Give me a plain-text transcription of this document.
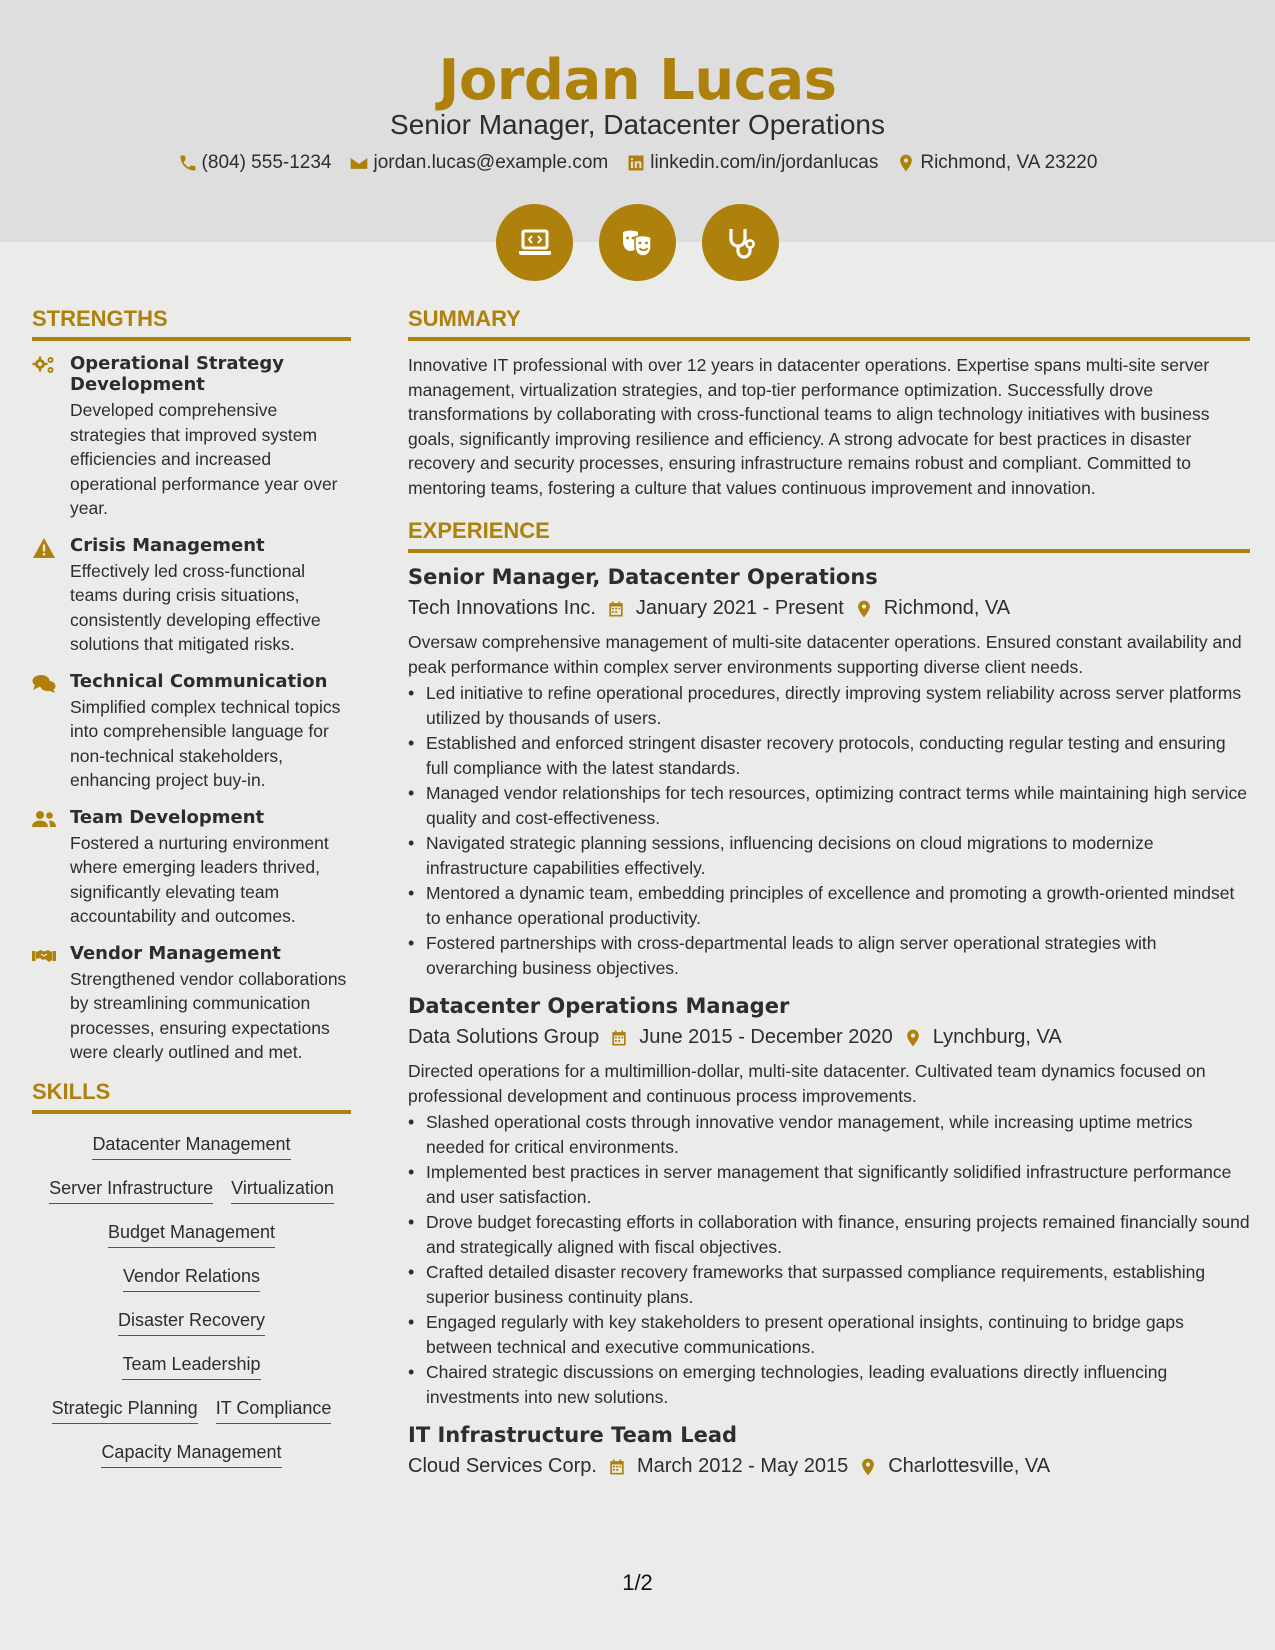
Jordan Lucas
Senior Manager, Datacenter Operations
(804) 555-1234 jordan.lucas@example.com linkedin.com/in/jordanlucas Richmond, VA 23220
STRENGTHS
Operational Strategy Development
Developed comprehensive strategies that improved system efficiencies and increased operational performance year over year.
Crisis Management
Effectively led cross-functional teams during crisis situations, consistently developing effective solutions that mitigated risks.
Technical Communication
Simplified complex technical topics into comprehensible language for non-technical stakeholders, enhancing project buy-in.
Team Development
Fostered a nurturing environment where emerging leaders thrived, significantly elevating team accountability and outcomes.
Vendor Management
Strengthened vendor collaborations by streamlining communication processes, ensuring expectations were clearly outlined and met.
SKILLS
Datacenter Management
Server Infrastructure Virtualization
Budget Management
Vendor Relations
Disaster Recovery
Team Leadership
Strategic Planning IT Compliance
Capacity Management
SUMMARY
Innovative IT professional with over 12 years in datacenter operations. Expertise spans multi-site server management, virtualization strategies, and top-tier performance optimization. Successfully drove transformations by collaborating with cross-functional teams to align technology initiatives with business goals, significantly improving resilience and efficiency. A strong advocate for best practices in disaster recovery and security processes, ensuring infrastructure remains robust and compliant. Committed to mentoring teams, fostering a culture that values continuous improvement and innovation.
EXPERIENCE
Senior Manager, Datacenter Operations
Tech Innovations Inc. January 2021 - Present Richmond, VA
Oversaw comprehensive management of multi-site datacenter operations. Ensured constant availability and peak performance within complex server environments supporting diverse client needs.
• Led initiative to refine operational procedures, directly improving system reliability across server platforms utilized by thousands of users.
• Established and enforced stringent disaster recovery protocols, conducting regular testing and ensuring full compliance with the latest standards.
• Managed vendor relationships for tech resources, optimizing contract terms while maintaining high service quality and cost-effectiveness.
• Navigated strategic planning sessions, influencing decisions on cloud migrations to modernize infrastructure capabilities effectively.
• Mentored a dynamic team, embedding principles of excellence and promoting a growth-oriented mindset to enhance operational productivity.
• Fostered partnerships with cross-departmental leads to align server operational strategies with overarching business objectives.
Datacenter Operations Manager
Data Solutions Group June 2015 - December 2020 Lynchburg, VA
Directed operations for a multimillion-dollar, multi-site datacenter. Cultivated team dynamics focused on professional development and continuous process improvements.
• Slashed operational costs through innovative vendor management, while increasing uptime metrics needed for critical environments.
• Implemented best practices in server management that significantly solidified infrastructure performance and user satisfaction.
• Drove budget forecasting efforts in collaboration with finance, ensuring projects remained financially sound and strategically aligned with fiscal objectives.
• Crafted detailed disaster recovery frameworks that surpassed compliance requirements, establishing superior business continuity plans.
• Engaged regularly with key stakeholders to present operational insights, continuing to bridge gaps between technical and executive communications.
• Chaired strategic discussions on emerging technologies, leading evaluations directly influencing investments into new solutions.
IT Infrastructure Team Lead
Cloud Services Corp. March 2012 - May 2015 Charlottesville, VA
1/2
